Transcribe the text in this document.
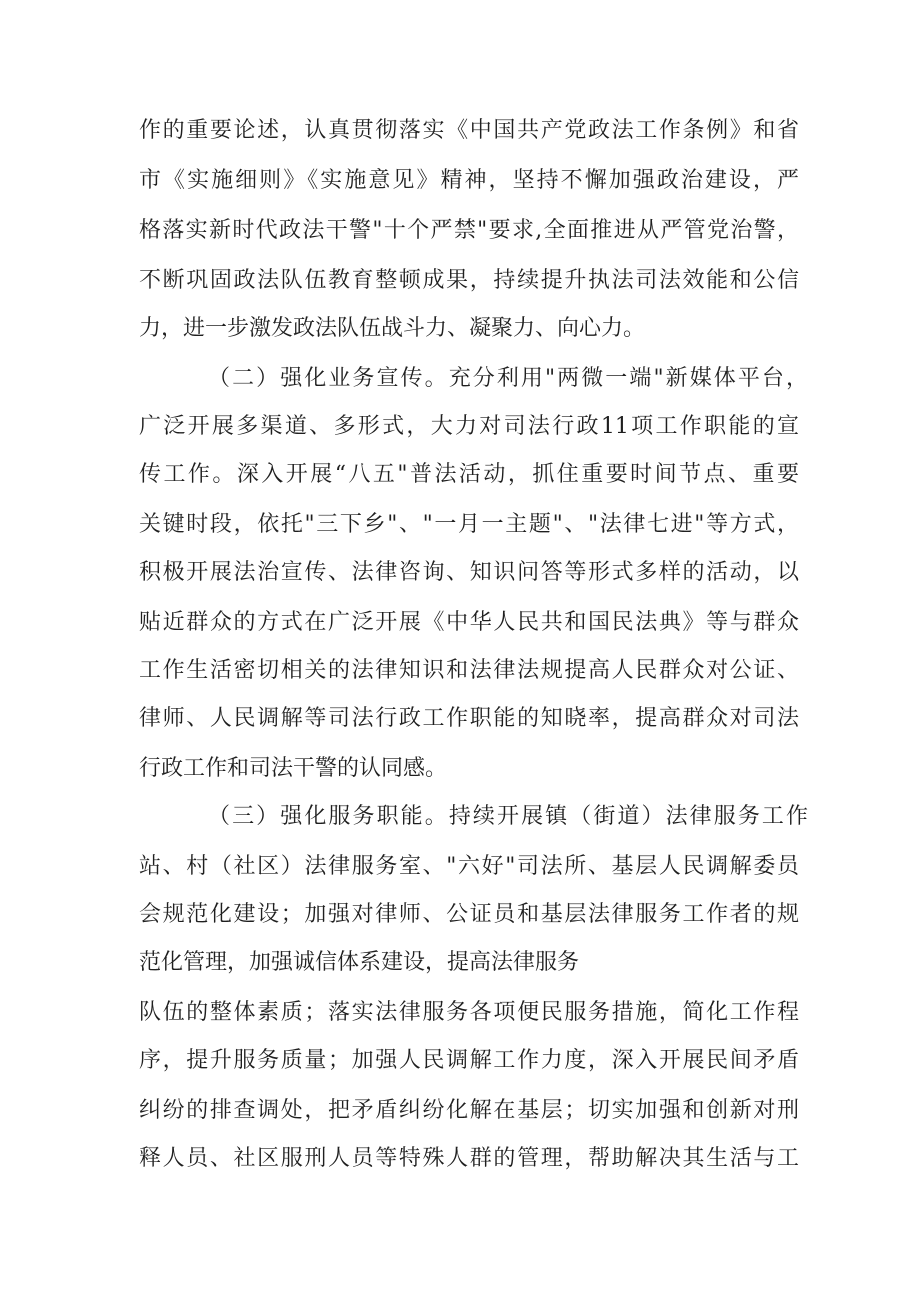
作的重要论述，认真贯彻落实《中国共产党政法工作条例》和省
市《实施细则》《实施意见》精神，坚持不懈加强政治建设，严
格落实新时代政法干警"十个严禁"要求,全面推进从严管党治警，
不断巩固政法队伍教育整顿成果，持续提升执法司法效能和公信
力，进一步激发政法队伍战斗力、凝聚力、向心力。
（二）强化业务宣传。充分利用"两微一端"新媒体平台，
广泛开展多渠道、多形式，大力对司法行政11项工作职能的宣
传工作。深入开展“八五"普法活动，抓住重要时间节点、重要
关键时段，依托"三下乡"、"一月一主题"、"法律七进"等方式，
积极开展法治宣传、法律咨询、知识问答等形式多样的活动，以
贴近群众的方式在广泛开展《中华人民共和国民法典》等与群众
工作生活密切相关的法律知识和法律法规提高人民群众对公证、
律师、人民调解等司法行政工作职能的知晓率，提高群众对司法
行政工作和司法干警的认同感。
（三）强化服务职能。持续开展镇（街道）法律服务工作
站、村（社区）法律服务室、"六好"司法所、基层人民调解委员
会规范化建设；加强对律师、公证员和基层法律服务工作者的规
范化管理，加强诚信体系建设，提高法律服务
队伍的整体素质；落实法律服务各项便民服务措施，简化工作程
序，提升服务质量；加强人民调解工作力度，深入开展民间矛盾
纠纷的排查调处，把矛盾纠纷化解在基层；切实加强和创新对刑
释人员、社区服刑人员等特殊人群的管理，帮助解决其生活与工
